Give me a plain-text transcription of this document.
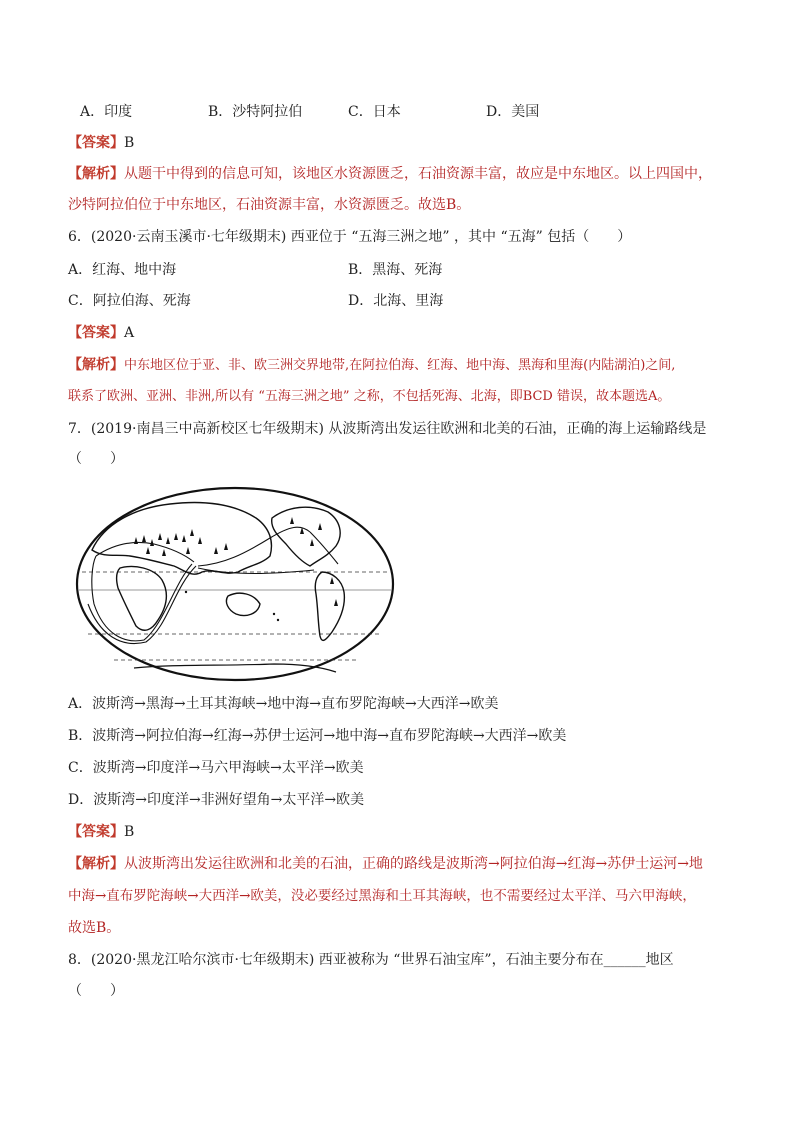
A．印度	B．沙特阿拉伯	C．日本	D．美国
【答案】B
【解析】从题干中得到的信息可知，该地区水资源匮乏，石油资源丰富，故应是中东地区。以上四国中，
沙特阿拉伯位于中东地区，石油资源丰富，水资源匮乏。故选B。
6．(2020·云南玉溪市·七年级期末) 西亚位于 “五海三洲之地” ，其中 “五海” 包括（　　）
A．红海、地中海	B．黑海、死海
C．阿拉伯海、死海	D．北海、里海
【答案】A
【解析】中东地区位于亚、非、欧三洲交界地带,在阿拉伯海、红海、地中海、黑海和里海(内陆湖泊)之间,
联系了欧洲、亚洲、非洲,所以有 “五海三洲之地” 之称，不包括死海、北海，即BCD 错误，故本题选A。
7．(2019·南昌三中高新校区七年级期末) 从波斯湾出发运往欧洲和北美的石油，正确的海上运输路线是
（　　）
A．波斯湾→黑海→土耳其海峡→地中海→直布罗陀海峡→大西洋→欧美
B．波斯湾→阿拉伯海→红海→苏伊士运河→地中海→直布罗陀海峡→大西洋→欧美
C．波斯湾→印度洋→马六甲海峡→太平洋→欧美
D．波斯湾→印度洋→非洲好望角→太平洋→欧美
【答案】B
【解析】从波斯湾出发运往欧洲和北美的石油，正确的路线是波斯湾→阿拉伯海→红海→苏伊士运河→地
中海→直布罗陀海峡→大西洋→欧美，没必要经过黑海和土耳其海峡，也不需要经过太平洋、马六甲海峡，
故选B。
8．(2020·黑龙江哈尔滨市·七年级期末) 西亚被称为 “世界石油宝库”，石油主要分布在______地区
（　　）
